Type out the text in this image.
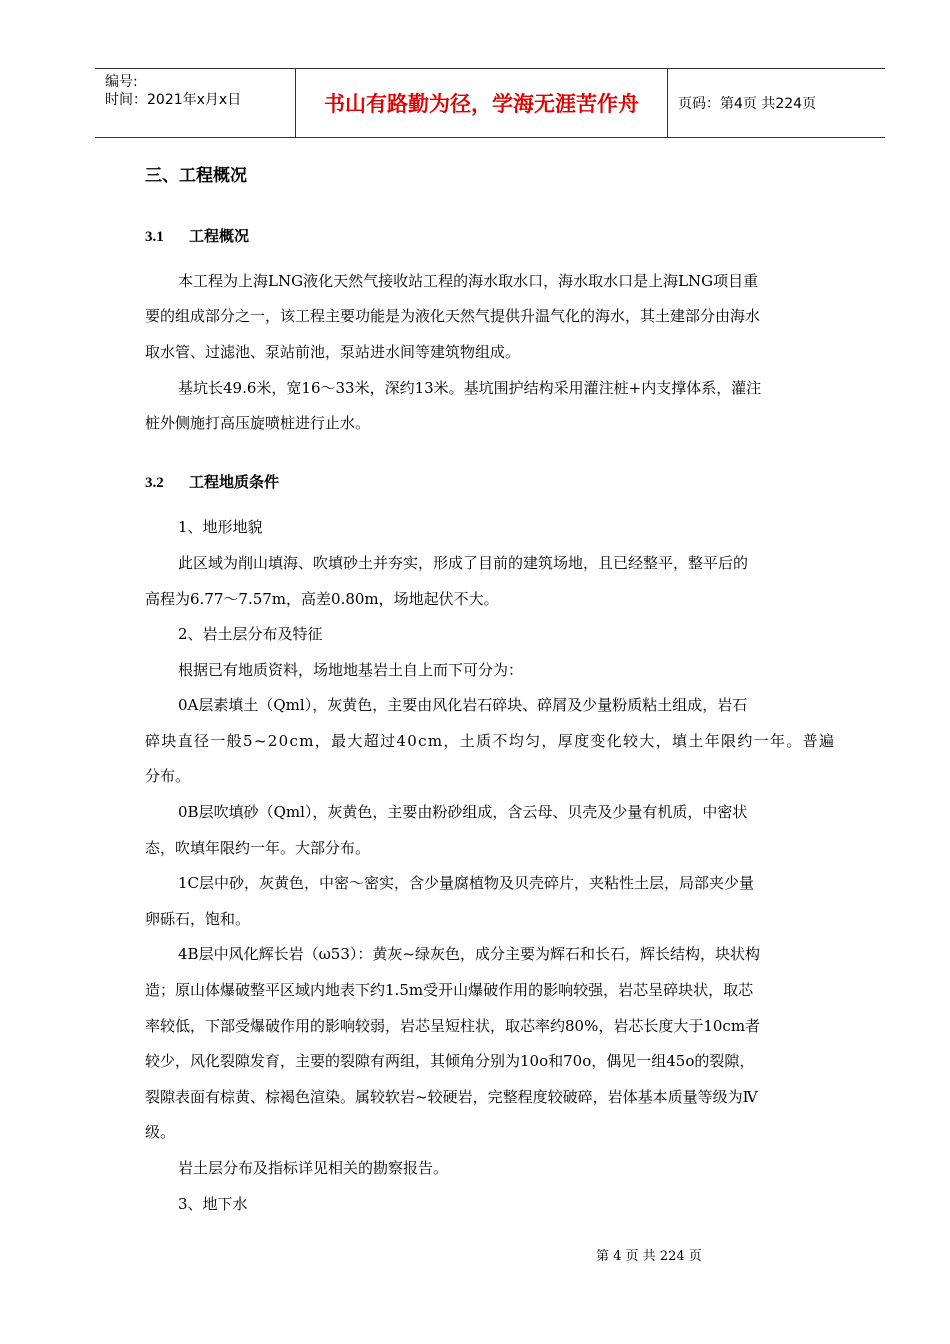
编号:
时间：2021年x月x日	书山有路勤为径，学海无涯苦作舟	页码：第4页 共224页
三、工程概况
3.1 工程概况
本工程为上海LNG液化天然气接收站工程的海水取水口，海水取水口是上海LNG项目重
要的组成部分之一，该工程主要功能是为液化天然气提供升温气化的海水，其土建部分由海水
取水管、过滤池、泵站前池，泵站进水间等建筑物组成。
基坑长49.6米，宽16～33米，深约13米。基坑围护结构采用灌注桩+内支撑体系，灌注
桩外侧施打高压旋喷桩进行止水。
3.2 工程地质条件
1、地形地貌
此区域为削山填海、吹填砂土并夯实，形成了目前的建筑场地，且已经整平，整平后的
高程为6.77～7.57m，高差0.80m，场地起伏不大。
2、岩土层分布及特征
根据已有地质资料，场地地基岩土自上而下可分为：
0A层素填土（Qml），灰黄色，主要由风化岩石碎块、碎屑及少量粉质粘土组成，岩石
碎块直径一般5~20cm，最大超过40cm，土质不均匀，厚度变化较大，填土年限约一年。普遍
分布。
0B层吹填砂（Qml），灰黄色，主要由粉砂组成，含云母、贝壳及少量有机质，中密状
态，吹填年限约一年。大部分布。
1C层中砂，灰黄色，中密～密实，含少量腐植物及贝壳碎片，夹粘性土层，局部夹少量
卵砾石，饱和。
4B层中风化辉长岩（ω53）：黄灰~绿灰色，成分主要为辉石和长石，辉长结构，块状构
造；原山体爆破整平区域内地表下约1.5m受开山爆破作用的影响较强，岩芯呈碎块状，取芯
率较低，下部受爆破作用的影响较弱，岩芯呈短柱状，取芯率约80%，岩芯长度大于10cm者
较少，风化裂隙发育，主要的裂隙有两组，其倾角分别为10o和70o，偶见一组45o的裂隙，
裂隙表面有棕黄、棕褐色渲染。属较软岩~较硬岩，完整程度较破碎，岩体基本质量等级为Ⅳ
级。
岩土层分布及指标详见相关的勘察报告。
3、地下水
第 4 页 共 224 页
